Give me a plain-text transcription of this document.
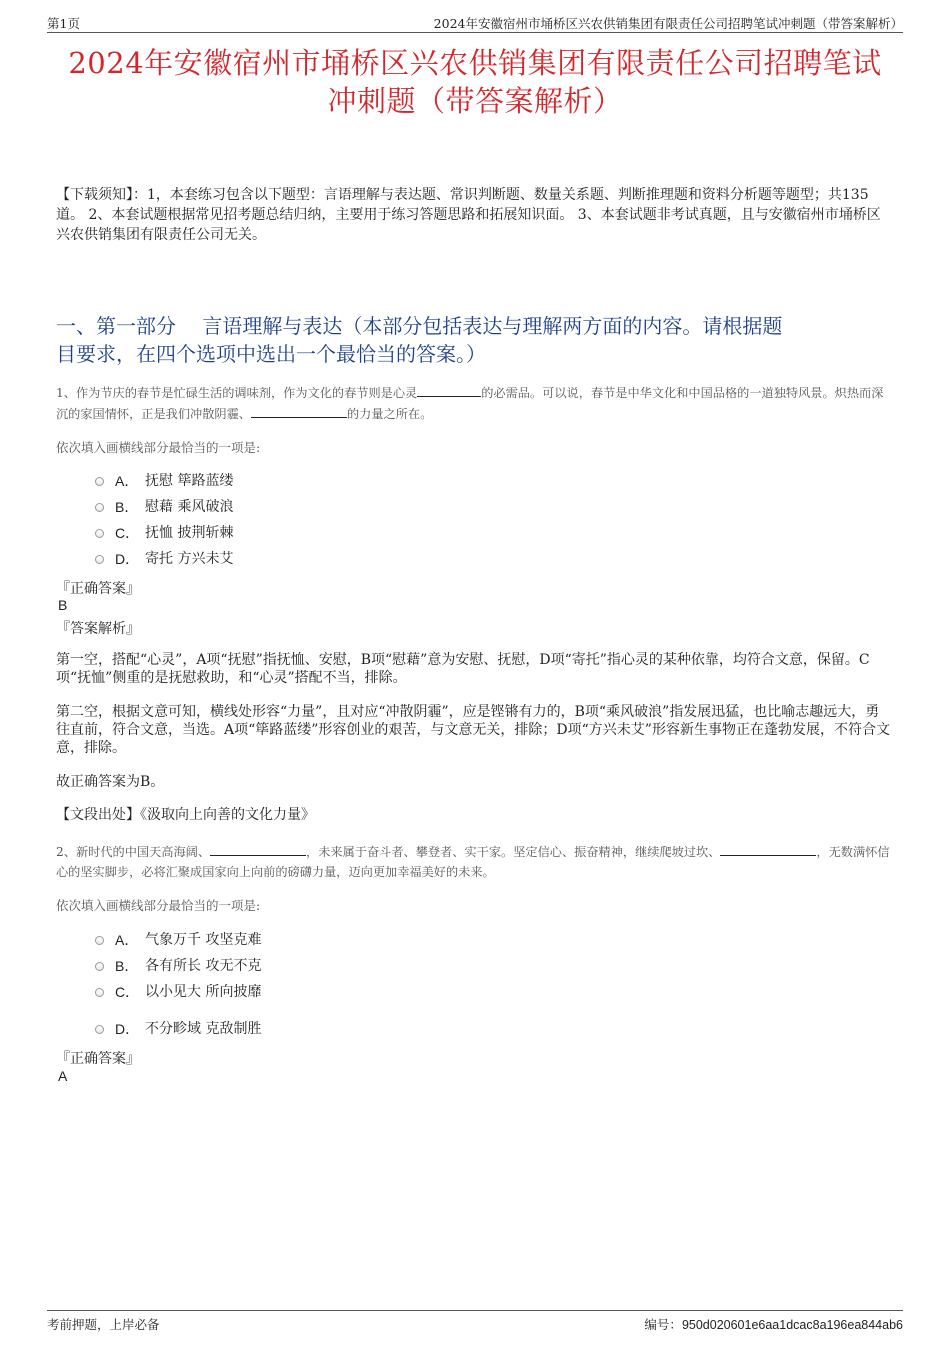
第1页	2024年安徽宿州市埇桥区兴农供销集团有限责任公司招聘笔试冲刺题（带答案解析）
2024年安徽宿州市埇桥区兴农供销集团有限责任公司招聘笔试
冲刺题（带答案解析）
【下载须知】：1，本套练习包含以下题型：言语理解与表达题、常识判断题、数量关系题、判断推理题和资料分析题等题型；共135道。 2、本套试题根据常见招考题总结归纳，主要用于练习答题思路和拓展知识面。 3、本套试题非考试真题，且与安徽宿州市埇桥区兴农供销集团有限责任公司无关。
一、第一部分　 言语理解与表达（本部分包括表达与理解两方面的内容。请根据题
目要求，在四个选项中选出一个最恰当的答案。）
1、作为节庆的春节是忙碌生活的调味剂，作为文化的春节则是心灵	的必需品。可以说，春节是中华文化和中国品格的一道独特风景。炽热而深沉的家国情怀，正是我们冲散阴霾、	的力量之所在。
依次填入画横线部分最恰当的一项是:
A． 抚慰 筚路蓝缕
B． 慰藉 乘风破浪
C． 抚恤 披荆斩棘
D． 寄托 方兴未艾
『正确答案』
B
『答案解析』
第一空，搭配“心灵”，A项“抚慰”指抚恤、安慰，B项“慰藉”意为安慰、抚慰，D项“寄托”指心灵的某种依靠，均符合文意，保留。C项“抚恤”侧重的是抚慰救助，和“心灵”搭配不当，排除。
第二空，根据文意可知，横线处形容“力量”，且对应“冲散阴霾”，应是铿锵有力的，B项“乘风破浪”指发展迅猛，也比喻志趣远大，勇往直前，符合文意，当选。A项“筚路蓝缕”形容创业的艰苦，与文意无关，排除；D项“方兴未艾”形容新生事物正在蓬勃发展，不符合文意，排除。
故正确答案为B。
【文段出处】《汲取向上向善的文化力量》
2、新时代的中国天高海阔、	，未来属于奋斗者、攀登者、实干家。坚定信心、振奋精神，继续爬坡过坎、	，无数满怀信心的坚实脚步，必将汇聚成国家向上向前的磅礴力量，迈向更加幸福美好的未来。
依次填入画横线部分最恰当的一项是:
A． 气象万千 攻坚克难
B． 各有所长 攻无不克
C． 以小见大 所向披靡
D． 不分畛域 克敌制胜
『正确答案』
A
考前押题，上岸必备	编号：950d020601e6aa1dcac8a196ea844ab6
